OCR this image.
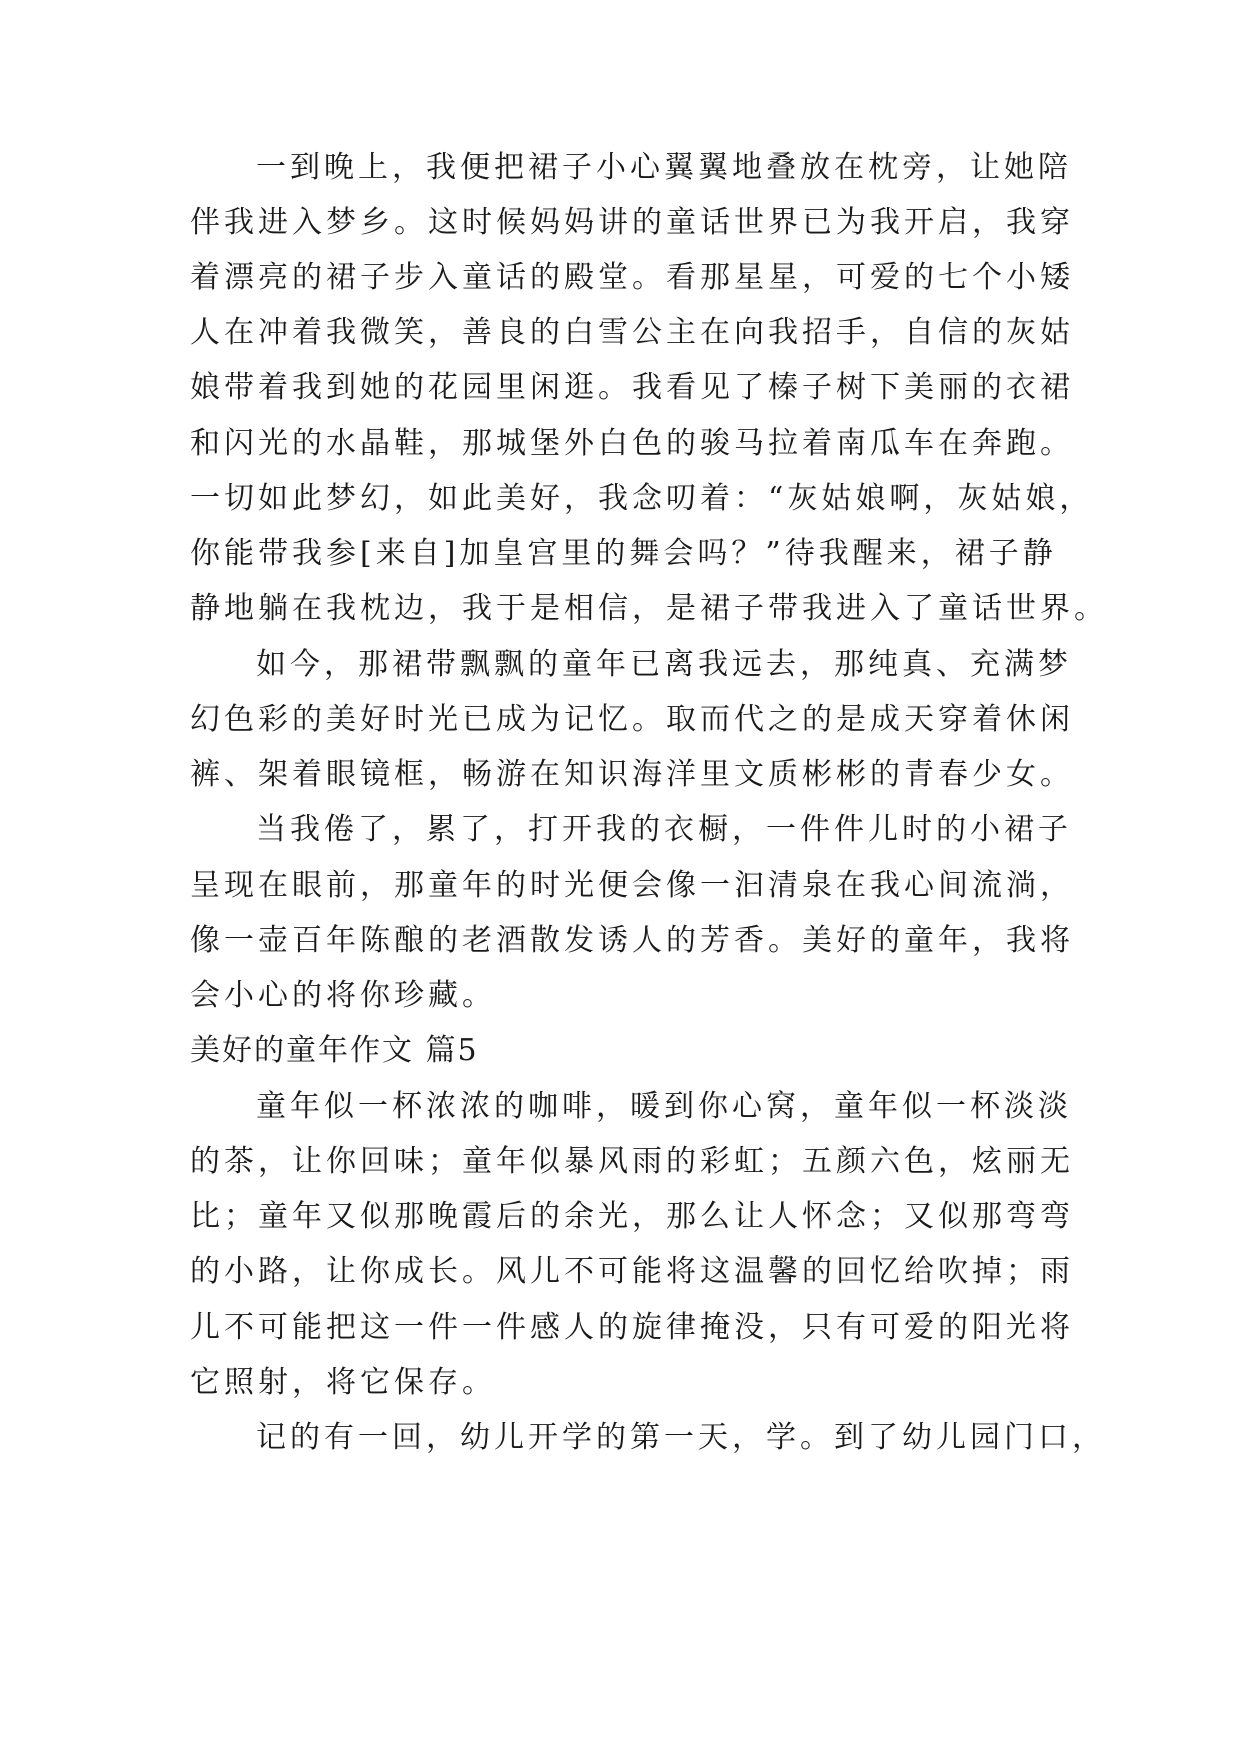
一到晚上，我便把裙子小心翼翼地叠放在枕旁，让她陪
伴我进入梦乡。这时候妈妈讲的童话世界已为我开启，我穿
着漂亮的裙子步入童话的殿堂。看那星星，可爱的七个小矮
人在冲着我微笑，善良的白雪公主在向我招手，自信的灰姑
娘带着我到她的花园里闲逛。我看见了榛子树下美丽的衣裙
和闪光的水晶鞋，那城堡外白色的骏马拉着南瓜车在奔跑。
一切如此梦幻，如此美好，我念叨着：“灰姑娘啊，灰姑娘，
你能带我参[来自]加皇宫里的舞会吗？”待我醒来，裙子静
静地躺在我枕边，我于是相信，是裙子带我进入了童话世界。
如今，那裙带飘飘的童年已离我远去，那纯真、充满梦
幻色彩的美好时光已成为记忆。取而代之的是成天穿着休闲
裤、架着眼镜框，畅游在知识海洋里文质彬彬的青春少女。
当我倦了，累了，打开我的衣橱，一件件儿时的小裙子
呈现在眼前，那童年的时光便会像一汩清泉在我心间流淌，
像一壶百年陈酿的老酒散发诱人的芳香。美好的童年，我将
会小心的将你珍藏。
美好的童年作文 篇5
童年似一杯浓浓的咖啡，暖到你心窝，童年似一杯淡淡
的茶，让你回味；童年似暴风雨的彩虹；五颜六色，炫丽无
比；童年又似那晚霞后的余光，那么让人怀念；又似那弯弯
的小路，让你成长。风儿不可能将这温馨的回忆给吹掉；雨
儿不可能把这一件一件感人的旋律掩没，只有可爱的阳光将
它照射，将它保存。
记的有一回，幼儿开学的第一天，学。到了幼儿园门口，
